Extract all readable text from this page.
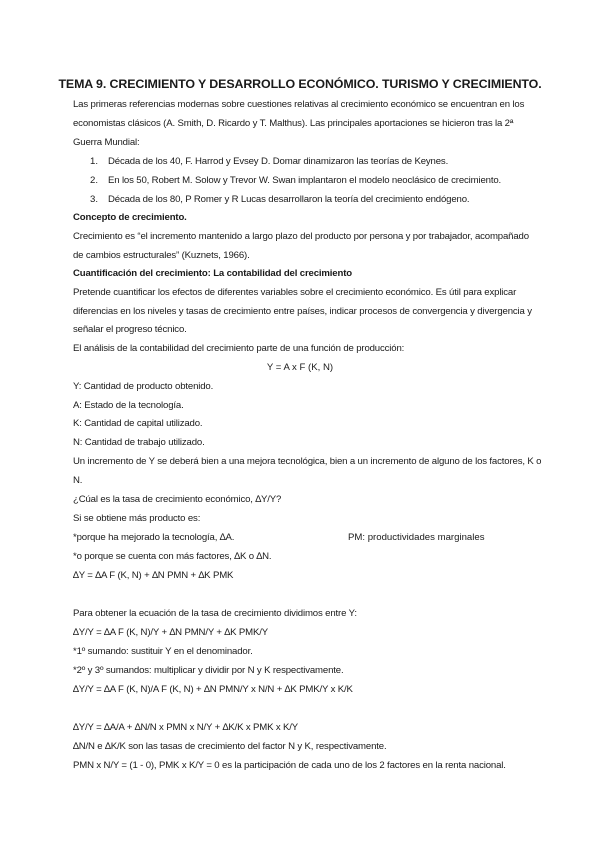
TEMA 9. CRECIMIENTO Y DESARROLLO ECONÓMICO. TURISMO Y CRECIMIENTO.
Las primeras referencias modernas sobre cuestiones relativas al crecimiento económico se encuentran en los
economistas clásicos (A. Smith, D. Ricardo y T. Malthus). Las principales aportaciones se hicieron tras la 2ª
Guerra Mundial:
1. Década de los 40, F. Harrod y Evsey D. Domar dinamizaron las teorías de Keynes.
2. En los 50, Robert M. Solow y Trevor W. Swan implantaron el modelo neoclásico de crecimiento.
3. Década de los 80, P Romer y R Lucas desarrollaron la teoría del crecimiento endógeno.
Concepto de crecimiento.
Crecimiento es “el incremento mantenido a largo plazo del producto por persona y por trabajador, acompañado
de cambios estructurales” (Kuznets, 1966).
Cuantificación del crecimiento: La contabilidad del crecimiento
Pretende cuantificar los efectos de diferentes variables sobre el crecimiento económico. Es útil para explicar
diferencias en los niveles y tasas de crecimiento entre países, indicar procesos de convergencia y divergencia y
señalar el progreso técnico.
El análisis de la contabilidad del crecimiento parte de una función de producción:
Y = A x F (K, N)
Y: Cantidad de producto obtenido.
A: Estado de la tecnología.
K: Cantidad de capital utilizado.
N: Cantidad de trabajo utilizado.
Un incremento de Y se deberá bien a una mejora tecnológica, bien a un incremento de alguno de los factores, K o
N.
¿Cúal es la tasa de crecimiento económico, ∆Y/Y?
Si se obtiene más producto es:
*porque ha mejorado la tecnología, ∆A.	PM: productividades marginales
*o porque se cuenta con más factores, ∆K o ∆N.
∆Y = ∆A F (K, N) + ∆N PMN + ∆K PMK
Para obtener la ecuación de la tasa de crecimiento dividimos entre Y:
∆Y/Y = ∆A F (K, N)/Y + ∆N PMN/Y + ∆K PMK/Y
*1º sumando: sustituir Y en el denominador.
*2º y 3º sumandos: multiplicar y dividir por N y K respectivamente.
∆Y/Y = ∆A F (K, N)/A F (K, N) + ∆N PMN/Y x N/N + ∆K PMK/Y x K/K
∆Y/Y = ∆A/A + ∆N/N x PMN x N/Y + ∆K/K x PMK x K/Y
∆N/N e ∆K/K son las tasas de crecimiento del factor N y K, respectivamente.
PMN x N/Y = (1 - 0), PMK x K/Y = 0 es la participación de cada uno de los 2 factores en la renta nacional.
